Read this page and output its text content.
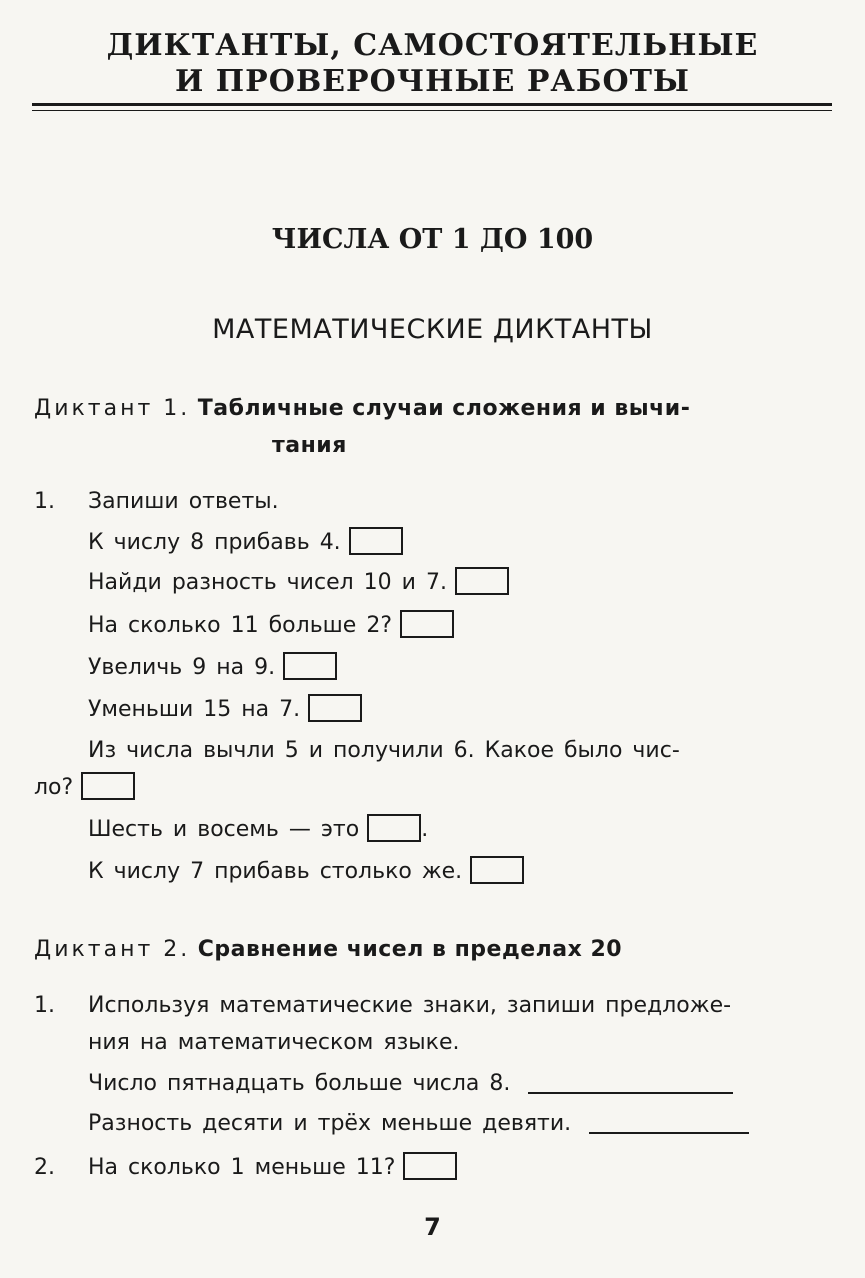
ДИКТАНТЫ, САМОСТОЯТЕЛЬНЫЕ
И ПРОВЕРОЧНЫЕ РАБОТЫ
ЧИСЛА ОТ 1 ДО 100
МАТЕМАТИЧЕСКИЕ ДИКТАНТЫ
Диктант 1. Табличные случаи сложения и вычи-
тания
1. Запиши ответы.
К числу 8 прибавь 4.
Найди разность чисел 10 и 7.
На сколько 11 больше 2?
Увеличь 9 на 9.
Уменьши 15 на 7.
Из числа вычли 5 и получили 6. Какое было чис-
ло?
Шесть и восемь — это	.
К числу 7 прибавь столько же.
Диктант 2. Сравнение чисел в пределах 20
1. Используя математические знаки, запиши предложе-
ния на математическом языке.
Число пятнадцать больше числа 8.
Разность десяти и трёх меньше девяти.
2. На сколько 1 меньше 11?
7
